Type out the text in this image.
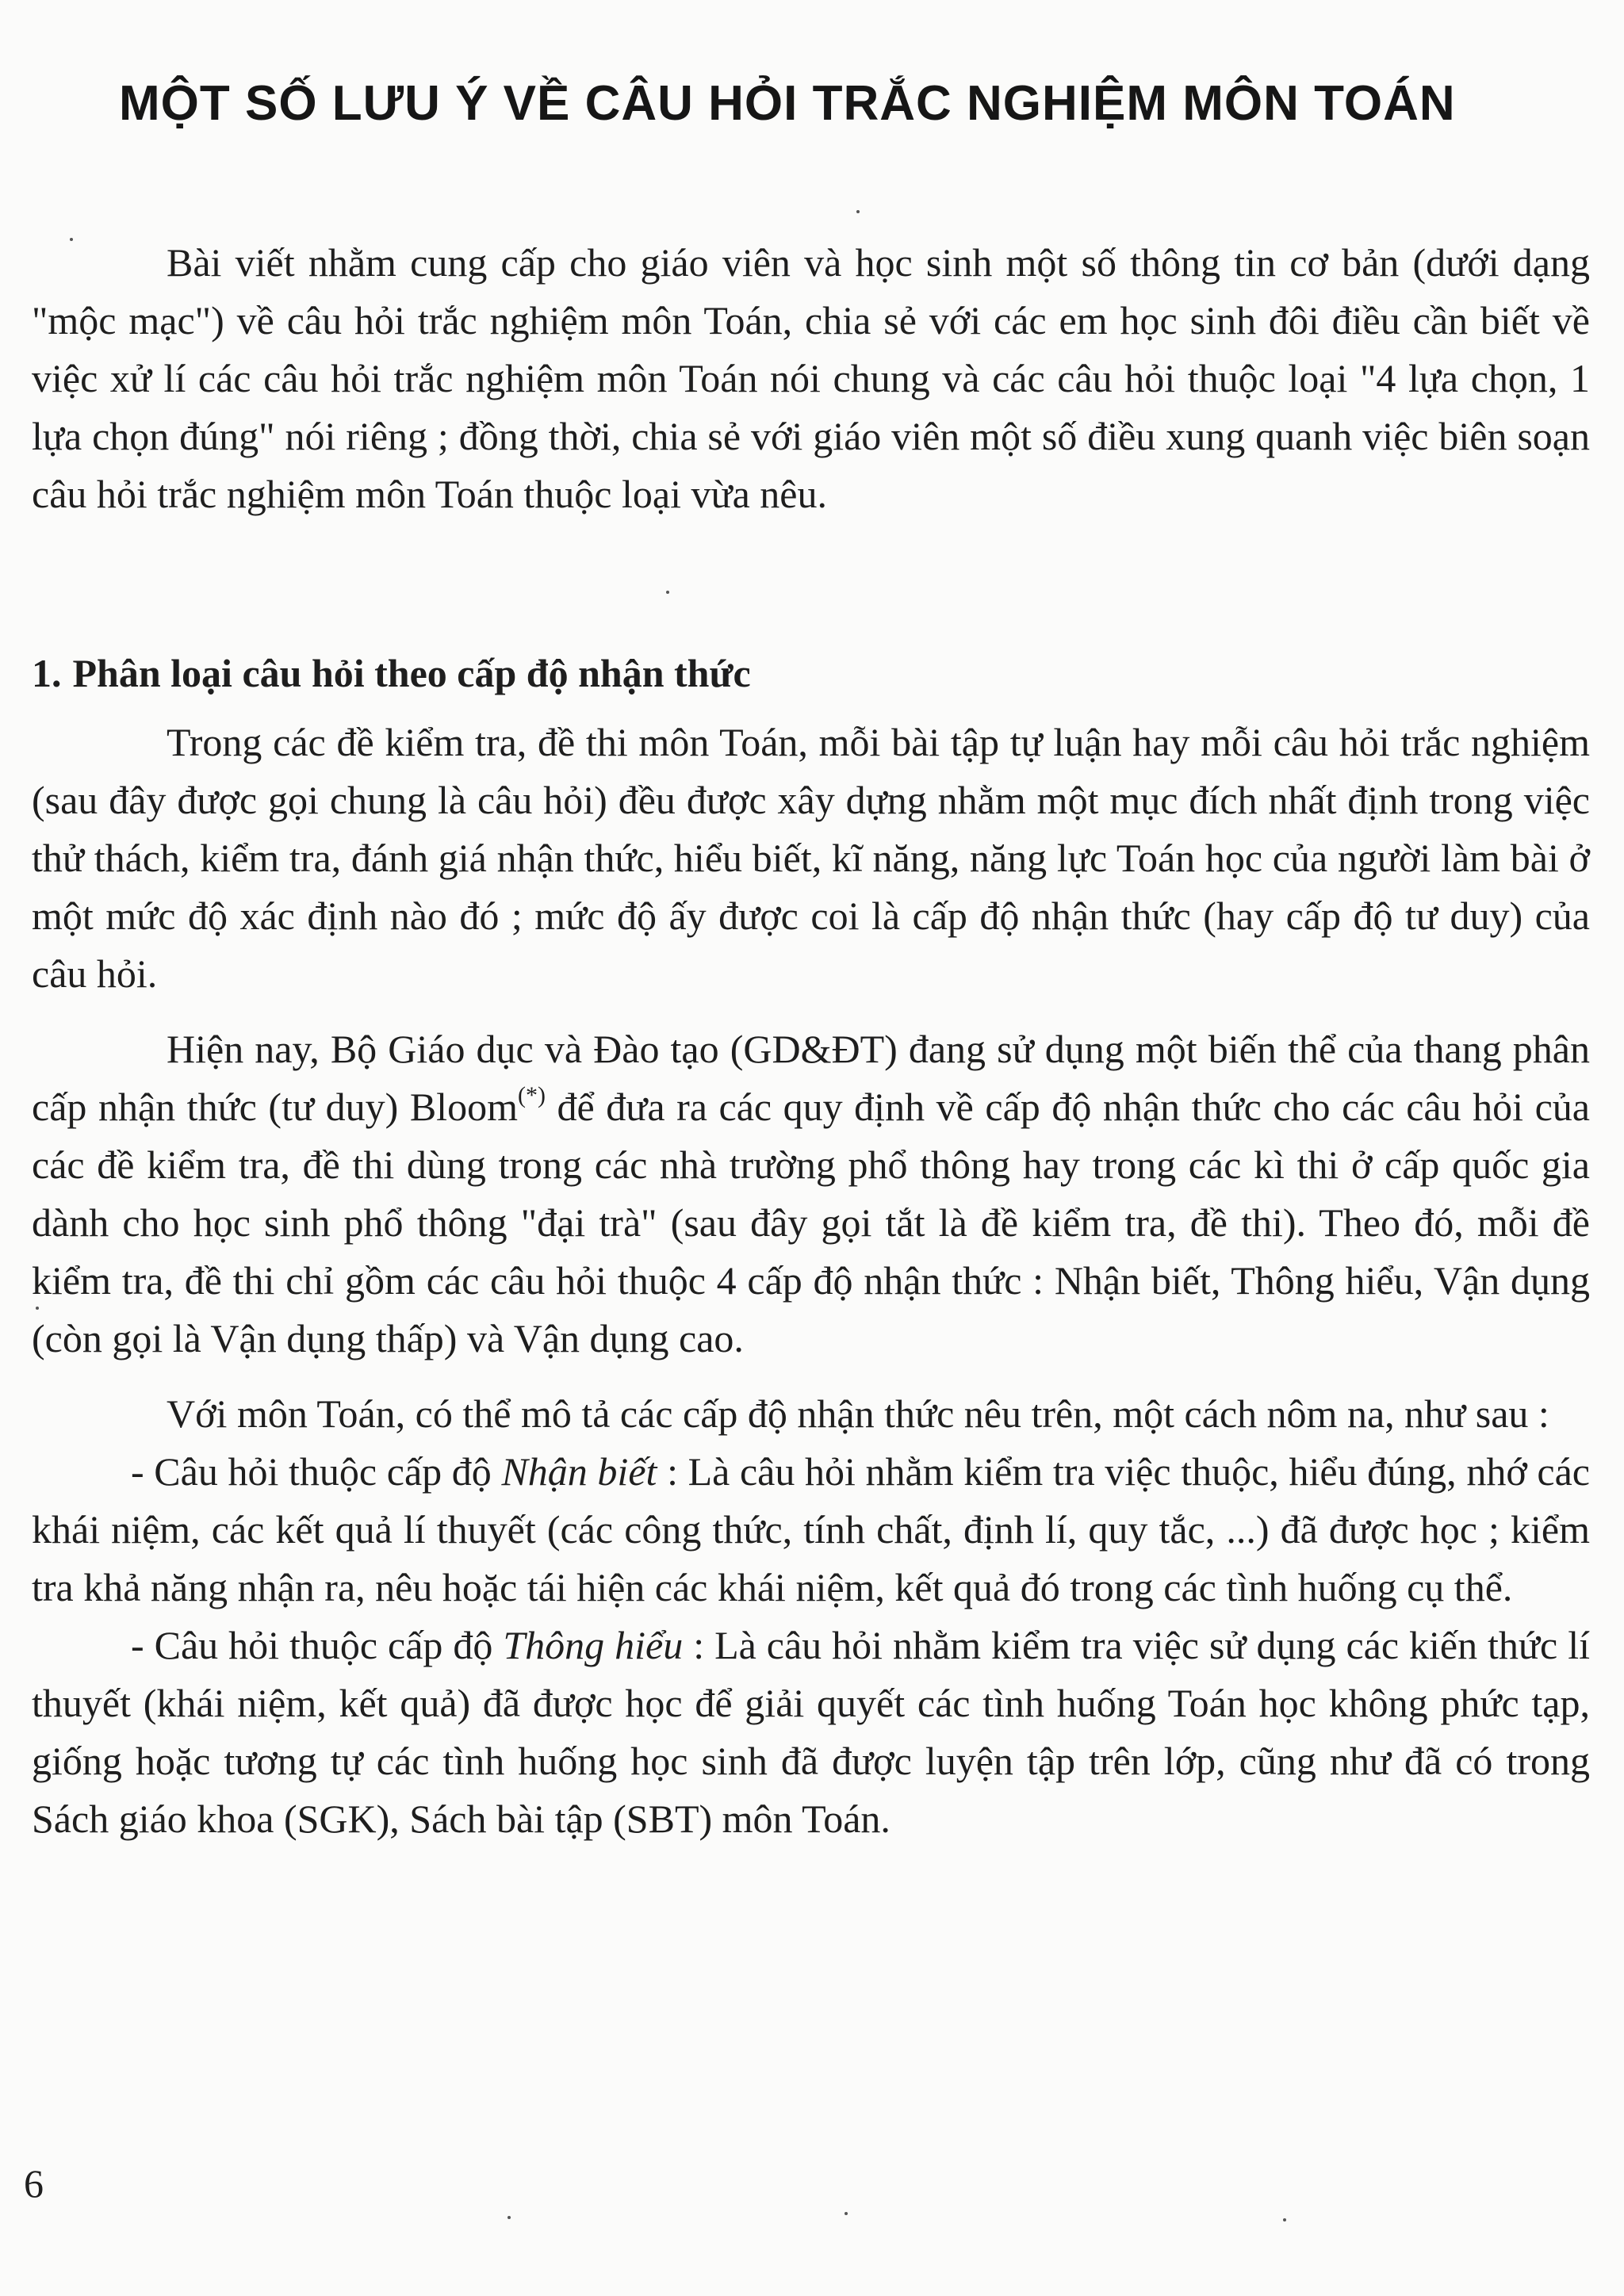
MỘT SỐ LƯU Ý VỀ CÂU HỎI TRẮC NGHIỆM MÔN TOÁN

Bài viết nhằm cung cấp cho giáo viên và học sinh một số thông tin cơ bản (dưới dạng "mộc mạc") về câu hỏi trắc nghiệm môn Toán, chia sẻ với các em học sinh đôi điều cần biết về việc xử lí các câu hỏi trắc nghiệm môn Toán nói chung và các câu hỏi thuộc loại "4 lựa chọn, 1 lựa chọn đúng" nói riêng ; đồng thời, chia sẻ với giáo viên một số điều xung quanh việc biên soạn câu hỏi trắc nghiệm môn Toán thuộc loại vừa nêu.

1. Phân loại câu hỏi theo cấp độ nhận thức

Trong các đề kiểm tra, đề thi môn Toán, mỗi bài tập tự luận hay mỗi câu hỏi trắc nghiệm (sau đây được gọi chung là câu hỏi) đều được xây dựng nhằm một mục đích nhất định trong việc thử thách, kiểm tra, đánh giá nhận thức, hiểu biết, kĩ năng, năng lực Toán học của người làm bài ở một mức độ xác định nào đó ; mức độ ấy được coi là cấp độ nhận thức (hay cấp độ tư duy) của câu hỏi.

Hiện nay, Bộ Giáo dục và Đào tạo (GD&ĐT) đang sử dụng một biến thể của thang phân cấp nhận thức (tư duy) Bloom(*) để đưa ra các quy định về cấp độ nhận thức cho các câu hỏi của các đề kiểm tra, đề thi dùng trong các nhà trường phổ thông hay trong các kì thi ở cấp quốc gia dành cho học sinh phổ thông "đại trà" (sau đây gọi tắt là đề kiểm tra, đề thi). Theo đó, mỗi đề kiểm tra, đề thi chỉ gồm các câu hỏi thuộc 4 cấp độ nhận thức : Nhận biết, Thông hiểu, Vận dụng (còn gọi là Vận dụng thấp) và Vận dụng cao.

Với môn Toán, có thể mô tả các cấp độ nhận thức nêu trên, một cách nôm na, như sau :

- Câu hỏi thuộc cấp độ Nhận biết : Là câu hỏi nhằm kiểm tra việc thuộc, hiểu đúng, nhớ các khái niệm, các kết quả lí thuyết (các công thức, tính chất, định lí, quy tắc, ...) đã được học ; kiểm tra khả năng nhận ra, nêu hoặc tái hiện các khái niệm, kết quả đó trong các tình huống cụ thể.

- Câu hỏi thuộc cấp độ Thông hiểu : Là câu hỏi nhằm kiểm tra việc sử dụng các kiến thức lí thuyết (khái niệm, kết quả) đã được học để giải quyết các tình huống Toán học không phức tạp, giống hoặc tương tự các tình huống học sinh đã được luyện tập trên lớp, cũng như đã có trong Sách giáo khoa (SGK), Sách bài tập (SBT) môn Toán.

6
